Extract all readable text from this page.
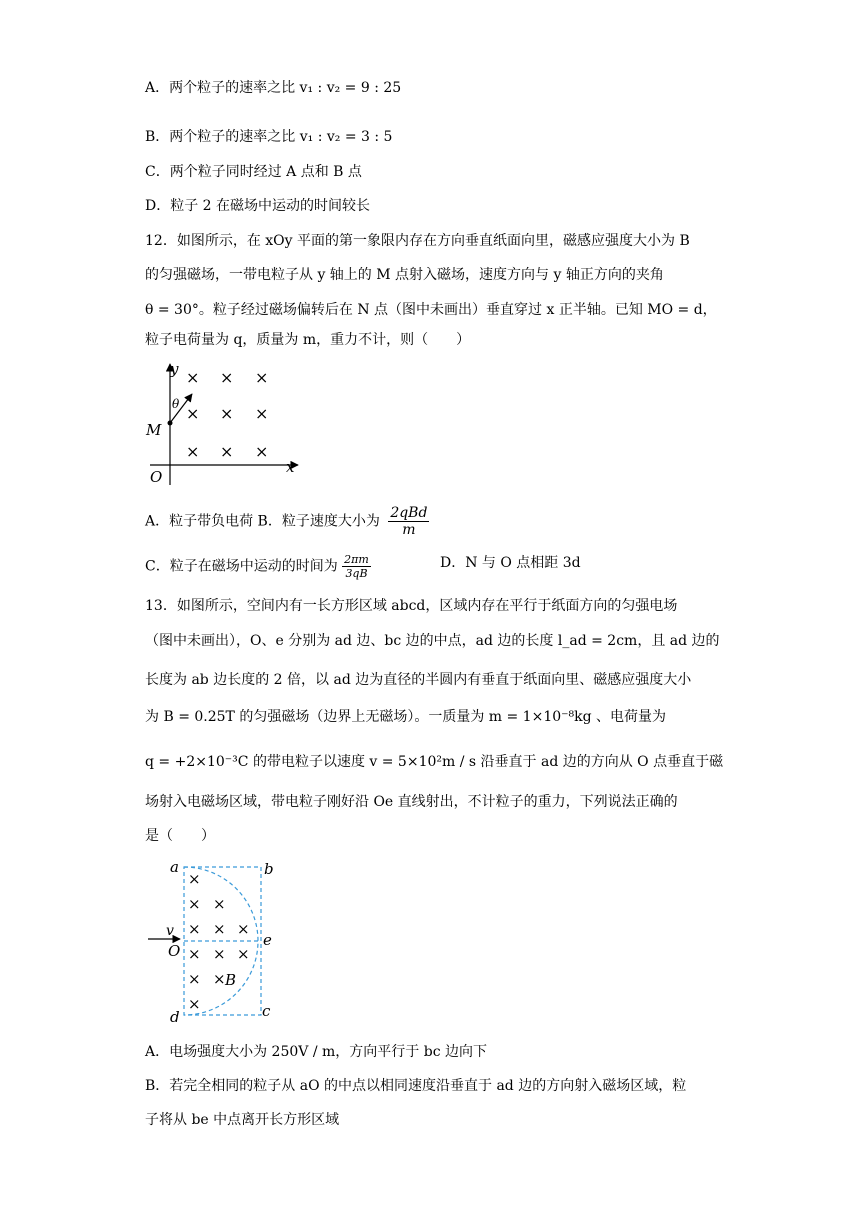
A．两个粒子的速率之比 v₁ : v₂ = 9 : 25
B．两个粒子的速率之比 v₁ : v₂ = 3 : 5
C．两个粒子同时经过 A 点和 B 点
D．粒子 2 在磁场中运动的时间较长
12．如图所示，在 xOy 平面的第一象限内存在方向垂直纸面向里，磁感应强度大小为 B
的匀强磁场，一带电粒子从 y 轴上的 M 点射入磁场，速度方向与 y 轴正方向的夹角
θ = 30°。粒子经过磁场偏转后在 N 点（图中未画出）垂直穿过 x 正半轴。已知 MO = d，
粒子电荷量为 q，质量为 m，重力不计，则（　　）
y
x
O
M
θ
× × ×
× × ×
× × ×
A．粒子带负电荷 B．粒子速度大小为
2qBd
m
C．粒子在磁场中运动的时间为 $\frac{2\pi m}{3qB}$	D．N 与 O 点相距 3d
13．如图所示，空间内有一长方形区域 abcd，区域内存在平行于纸面方向的匀强电场
（图中未画出），O、e 分别为 ad 边、bc 边的中点，ad 边的长度 l_ad = 2cm，且 ad 边的
长度为 ab 边长度的 2 倍，以 ad 边为直径的半圆内有垂直于纸面向里、磁感应强度大小
为 B = 0.25T 的匀强磁场（边界上无磁场）。一质量为 m = 1×10⁻⁸kg 、电荷量为
q = +2×10⁻³C 的带电粒子以速度 v = 5×10²m / s 沿垂直于 ad 边的方向从 O 点垂直于磁
场射入电磁场区域，带电粒子刚好沿 Oe 直线射出，不计粒子的重力，下列说法正确的
是（　　）
a	b
c
d
e
O
v
×
× ×
× × ×
× × ×
× ×
×
B
A．电场强度大小为 250V / m，方向平行于 bc 边向下
B．若完全相同的粒子从 aO 的中点以相同速度沿垂直于 ad 边的方向射入磁场区域，粒
子将从 be 中点离开长方形区域
